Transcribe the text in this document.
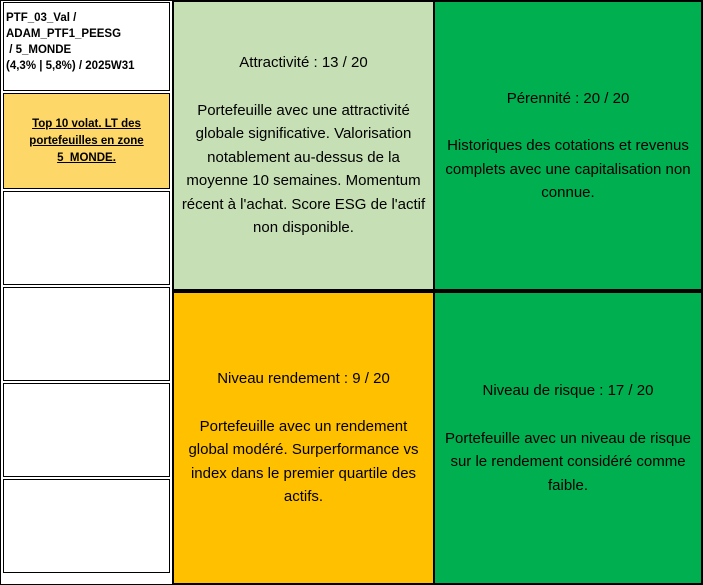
PTF_03_Val /
ADAM_PTF1_PEESG
/ 5_MONDE
(4,3% | 5,8%) / 2025W31
Top 10 volat. LT des portefeuilles en zone 5_MONDE.
Attractivité : 13 / 20
Portefeuille avec une attractivité globale significative. Valorisation notablement au-dessus de la moyenne 10 semaines. Momentum récent à l'achat. Score ESG de l'actif non disponible.
Niveau rendement : 9 / 20
Portefeuille avec un rendement global modéré. Surperformance vs index dans le premier quartile des actifs.
Pérennité : 20 / 20
Historiques des cotations et revenus complets avec une capitalisation non connue.
Niveau de risque : 17 / 20
Portefeuille avec un niveau de risque sur le rendement considéré comme faible.
